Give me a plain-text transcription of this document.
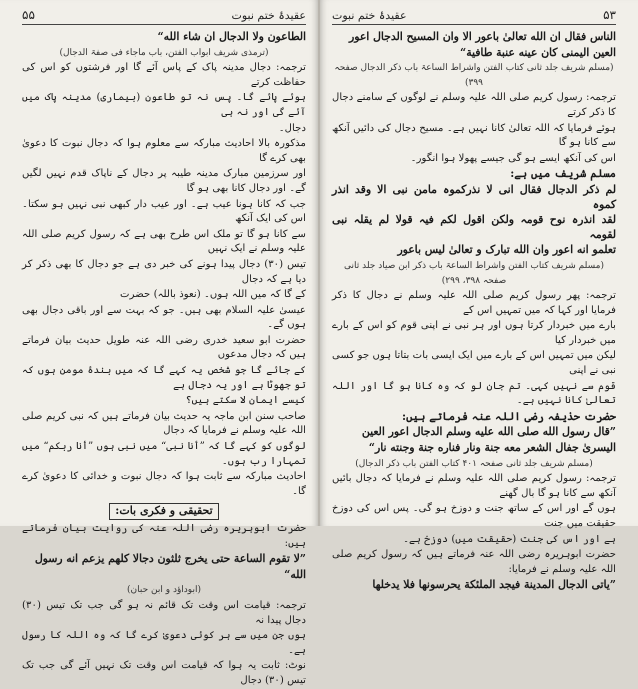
۵۵	عقیدۂ ختم نبوت

الطاعون ولا الدجال ان شاء الله“

(ترمذی شریف ابواب الفتن، باب ماجاء فی صفۃ الدجال)

ترجمہ: دجال مدینہ پاک کے پاس آئے گا اور فرشتوں کو اس کی حفاظت کرتے

ہوئے پائے گا۔ پس نہ تو طاعون (بیماری) مدینہ پاک میں آئے گی اور نہ ہی

دجال۔

مذکورہ بالا احادیث مبارکہ سے معلوم ہوا کہ دجال نبوت کا دعویٰ بھی کرے گا

اور سرزمین مبارک مدینہ طیبہ پر دجال کے ناپاک قدم نہیں لگیں گے۔ اور دجال کانا بھی ہو گا

جب کہ کانا ہونا عیب ہے۔ اور عیب دار کبھی نبی نہیں ہو سکتا۔ اس کی ایک آنکھ

سے کانا ہو گا تو ملک اس طرح بھی ہے کہ رسول کریم صلی اللہ علیہ وسلم نے ایک نہیں

تیس (۳۰) دجال پیدا ہونے کی خبر دی ہے جو دجال کا بھی ذکر کر دیا ہے کہ دجال

کے گا کہ میں اللہ ہوں۔ (نعوذ باللہ) حضرت

عیسیٰ علیہ السلام بھی ہیں۔ جو کہ بہت سے اور باقی دجال بھی ہوں گے۔

حضرت ابو سعید خدری رضی اللہ عنہ طویل حدیث بیان فرماتے ہیں کہ دجال مدعوں

کے جائے گا جو شخص یہ کہے گا کہ میں بندۂ مومن ہوں کہ تو جھوٹا ہے اور یہ دجال ہے

کیسے ایمان لا سکتے ہیں؟

صاحب سنن ابن ماجہ یہ حدیث بیان فرماتے ہیں کہ نبی کریم صلی اللہ علیہ وسلم نے فرمایا کہ دجال

لوگوں کو کہے گا کہ ”أنا نبی“ میں نبی ہوں ”أنا ربکم“ میں تمہارا رب ہوں۔

احادیث مبارکہ سے ثابت ہوا کہ دجال نبوت و خدائی کا دعویٰ کرے گا۔

تحقیقی و فکری بات:

حضرت ابوہریرہ رضی اللہ عنہ کی روایت بیان فرماتے ہیں:

”لا تقوم الساعة حتى يخرج ثلثون دجالا كلهم يزعم انه رسول

الله“

(ابوداؤد و ابن حبان)

ترجمہ: قیامت اس وقت تک قائم نہ ہو گی جب تک تیس (۳۰) دجال پیدا نہ

ہوں جن میں سے ہر کوئی دعویٰ کرے گا کہ وہ اللہ کا رسول ہے۔

نوٹ: ثابت یہ ہوا کہ قیامت اس وقت تک نہیں آئے گی جب تک تیس (۳۰) دجال

عقیدۂ ختم نبوت	۵۳

الناس فقال ان الله تعالیٰ باعور الا وان المسیح الدجال اعور

العین الیمنی کان عینه عنبة طافیة“

(مسلم شریف جلد ثانی کتاب الفتن واشراط الساعۃ باب ذکر الدجال صفحہ ۳۹۹)

ترجمہ: رسول کریم صلی اللہ علیہ وسلم نے لوگوں کے سامنے دجال کا ذکر کرتے

ہوئے فرمایا کہ اللہ تعالیٰ کانا نہیں ہے۔ مسیح دجال کی دائیں آنکھ سے کانا ہو گا

اس کی آنکھ ایسے ہو گی جیسے پھولا ہوا انگور۔

مسلم شریف میں ہے:

لم ذکر الدجال فقال انی لا نذرکموہ مامن نبی الا وقد انذر کموہ

لقد انذرہ نوح قومہ ولکن اقول لکم فیہ قولا لم یقلہ نبی لقومہ

تعلمو انه اعور وان الله تبارک و تعالیٰ لیس باعور

(مسلم شریف کتاب الفتن واشراط الساعۃ باب ذکر ابن صیاد جلد ثانی صفحہ ۳۹۸، ۲۹۹)

ترجمہ: پھر رسول کریم صلی اللہ علیہ وسلم نے دجال کا ذکر فرمایا اور کہا کہ میں تمہیں اس کے

بارے میں خبردار کرتا ہوں اور ہر نبی نے اپنی قوم کو اس کے بارے میں خبردار کیا

لیکن میں تمہیں اس کے بارے میں ایک ایسی بات بتاتا ہوں جو کسی نبی نے اپنی

قوم سے نہیں کہی۔ تم جان لو کہ وہ کانا ہو گا اور اللہ تعالیٰ کانا نہیں ہے۔

حضرت حذیفہ رضی اللہ عنہ فرماتے ہیں:

”قال رسول الله صلی الله علیه وسلم الدجال اعور العین

الیسریٰ جفال الشعر معه جنة ونار فناره جنة وجنته نار“

(مسلم شریف جلد ثانی صفحہ ۴۰۱ کتاب الفتن باب ذکر الدجال)

ترجمہ: رسول کریم صلی اللہ علیہ وسلم نے فرمایا کہ دجال بائیں آنکھ سے کانا ہو گا بال گھنے

ہوں گے اور اس کے ساتھ جنت و دوزخ ہو گی۔ پس اس کی دوزخ حقیقت میں جنت

ہے اور اس کی جنت (حقیقت میں) دوزخ ہے۔

حضرت ابوہریرہ رضی اللہ عنہ فرماتے ہیں کہ رسول کریم صلی اللہ علیہ وسلم نے فرمایا:

”یاتی الدجال المدینة فیجد الملئکة یحرسونها فلا یدخلها
